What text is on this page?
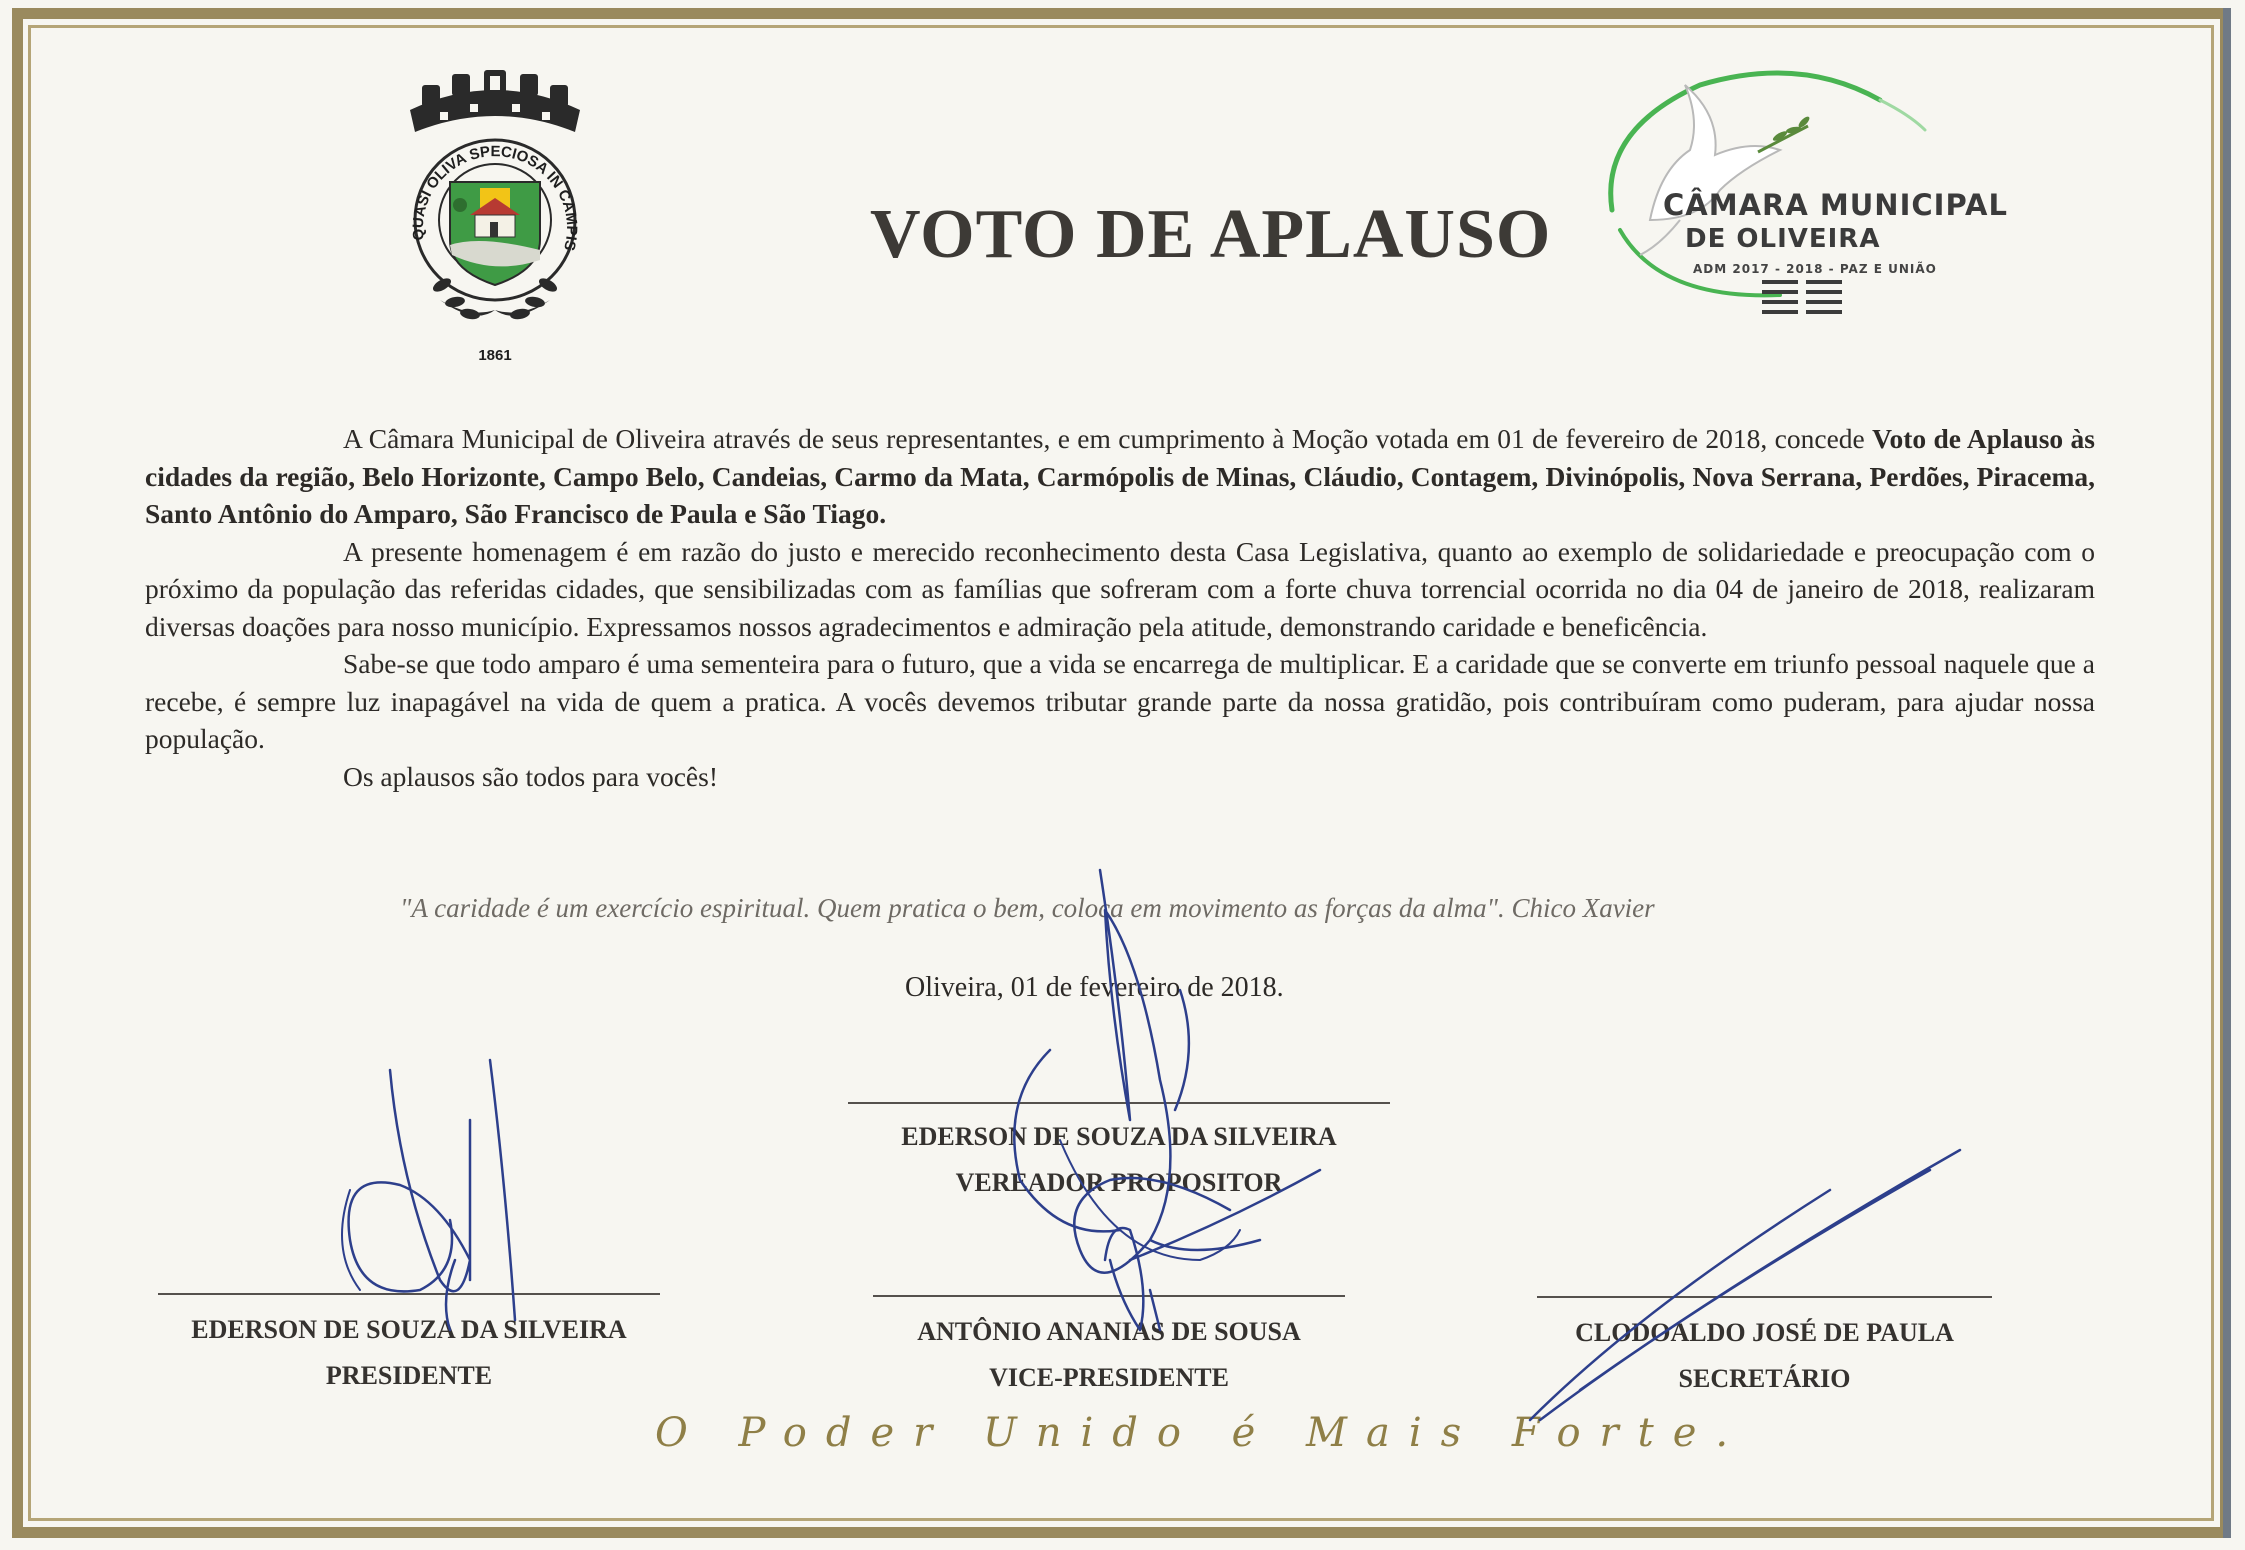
QUASI OLIVA SPECIOSA IN CAMPIS
1861
VOTO DE APLAUSO	CÂMARA MUNICIPAL
DE OLIVEIRA
ADM 2017 - 2018 - PAZ E UNIÃO

A Câmara Municipal de Oliveira através de seus representantes, e em cumprimento à Moção votada em 01 de fevereiro de 2018, concede Voto de Aplauso às cidades da região, Belo Horizonte, Campo Belo, Candeias, Carmo da Mata, Carmópolis de Minas, Cláudio, Contagem, Divinópolis, Nova Serrana, Perdões, Piracema, Santo Antônio do Amparo, São Francisco de Paula e São Tiago.

A presente homenagem é em razão do justo e merecido reconhecimento desta Casa Legislativa, quanto ao exemplo de solidariedade e preocupação com o próximo da população das referidas cidades, que sensibilizadas com as famílias que sofreram com a forte chuva torrencial ocorrida no dia 04 de janeiro de 2018, realizaram diversas doações para nosso município. Expressamos nossos agradecimentos e admiração pela atitude, demonstrando caridade e beneficência.

Sabe-se que todo amparo é uma sementeira para o futuro, que a vida se encarrega de multiplicar. E a caridade que se converte em triunfo pessoal naquele que a recebe, é sempre luz inapagável na vida de quem a pratica. A vocês devemos tributar grande parte da nossa gratidão, pois contribuíram como puderam, para ajudar nossa população.

Os aplausos são todos para vocês!

"A caridade é um exercício espiritual. Quem pratica o bem, coloca em movimento as forças da alma". Chico Xavier
Oliveira, 01 de fevereiro de 2018.
EDERSON DE SOUZA DA SILVEIRA
VEREADOR PROPOSITOR
EDERSON DE SOUZA DA SILVEIRA
PRESIDENTE
ANTÔNIO ANANIAS DE SOUSA
VICE-PRESIDENTE
CLODOALDO JOSÉ DE PAULA
SECRETÁRIO
O Poder Unido é Mais Forte.
